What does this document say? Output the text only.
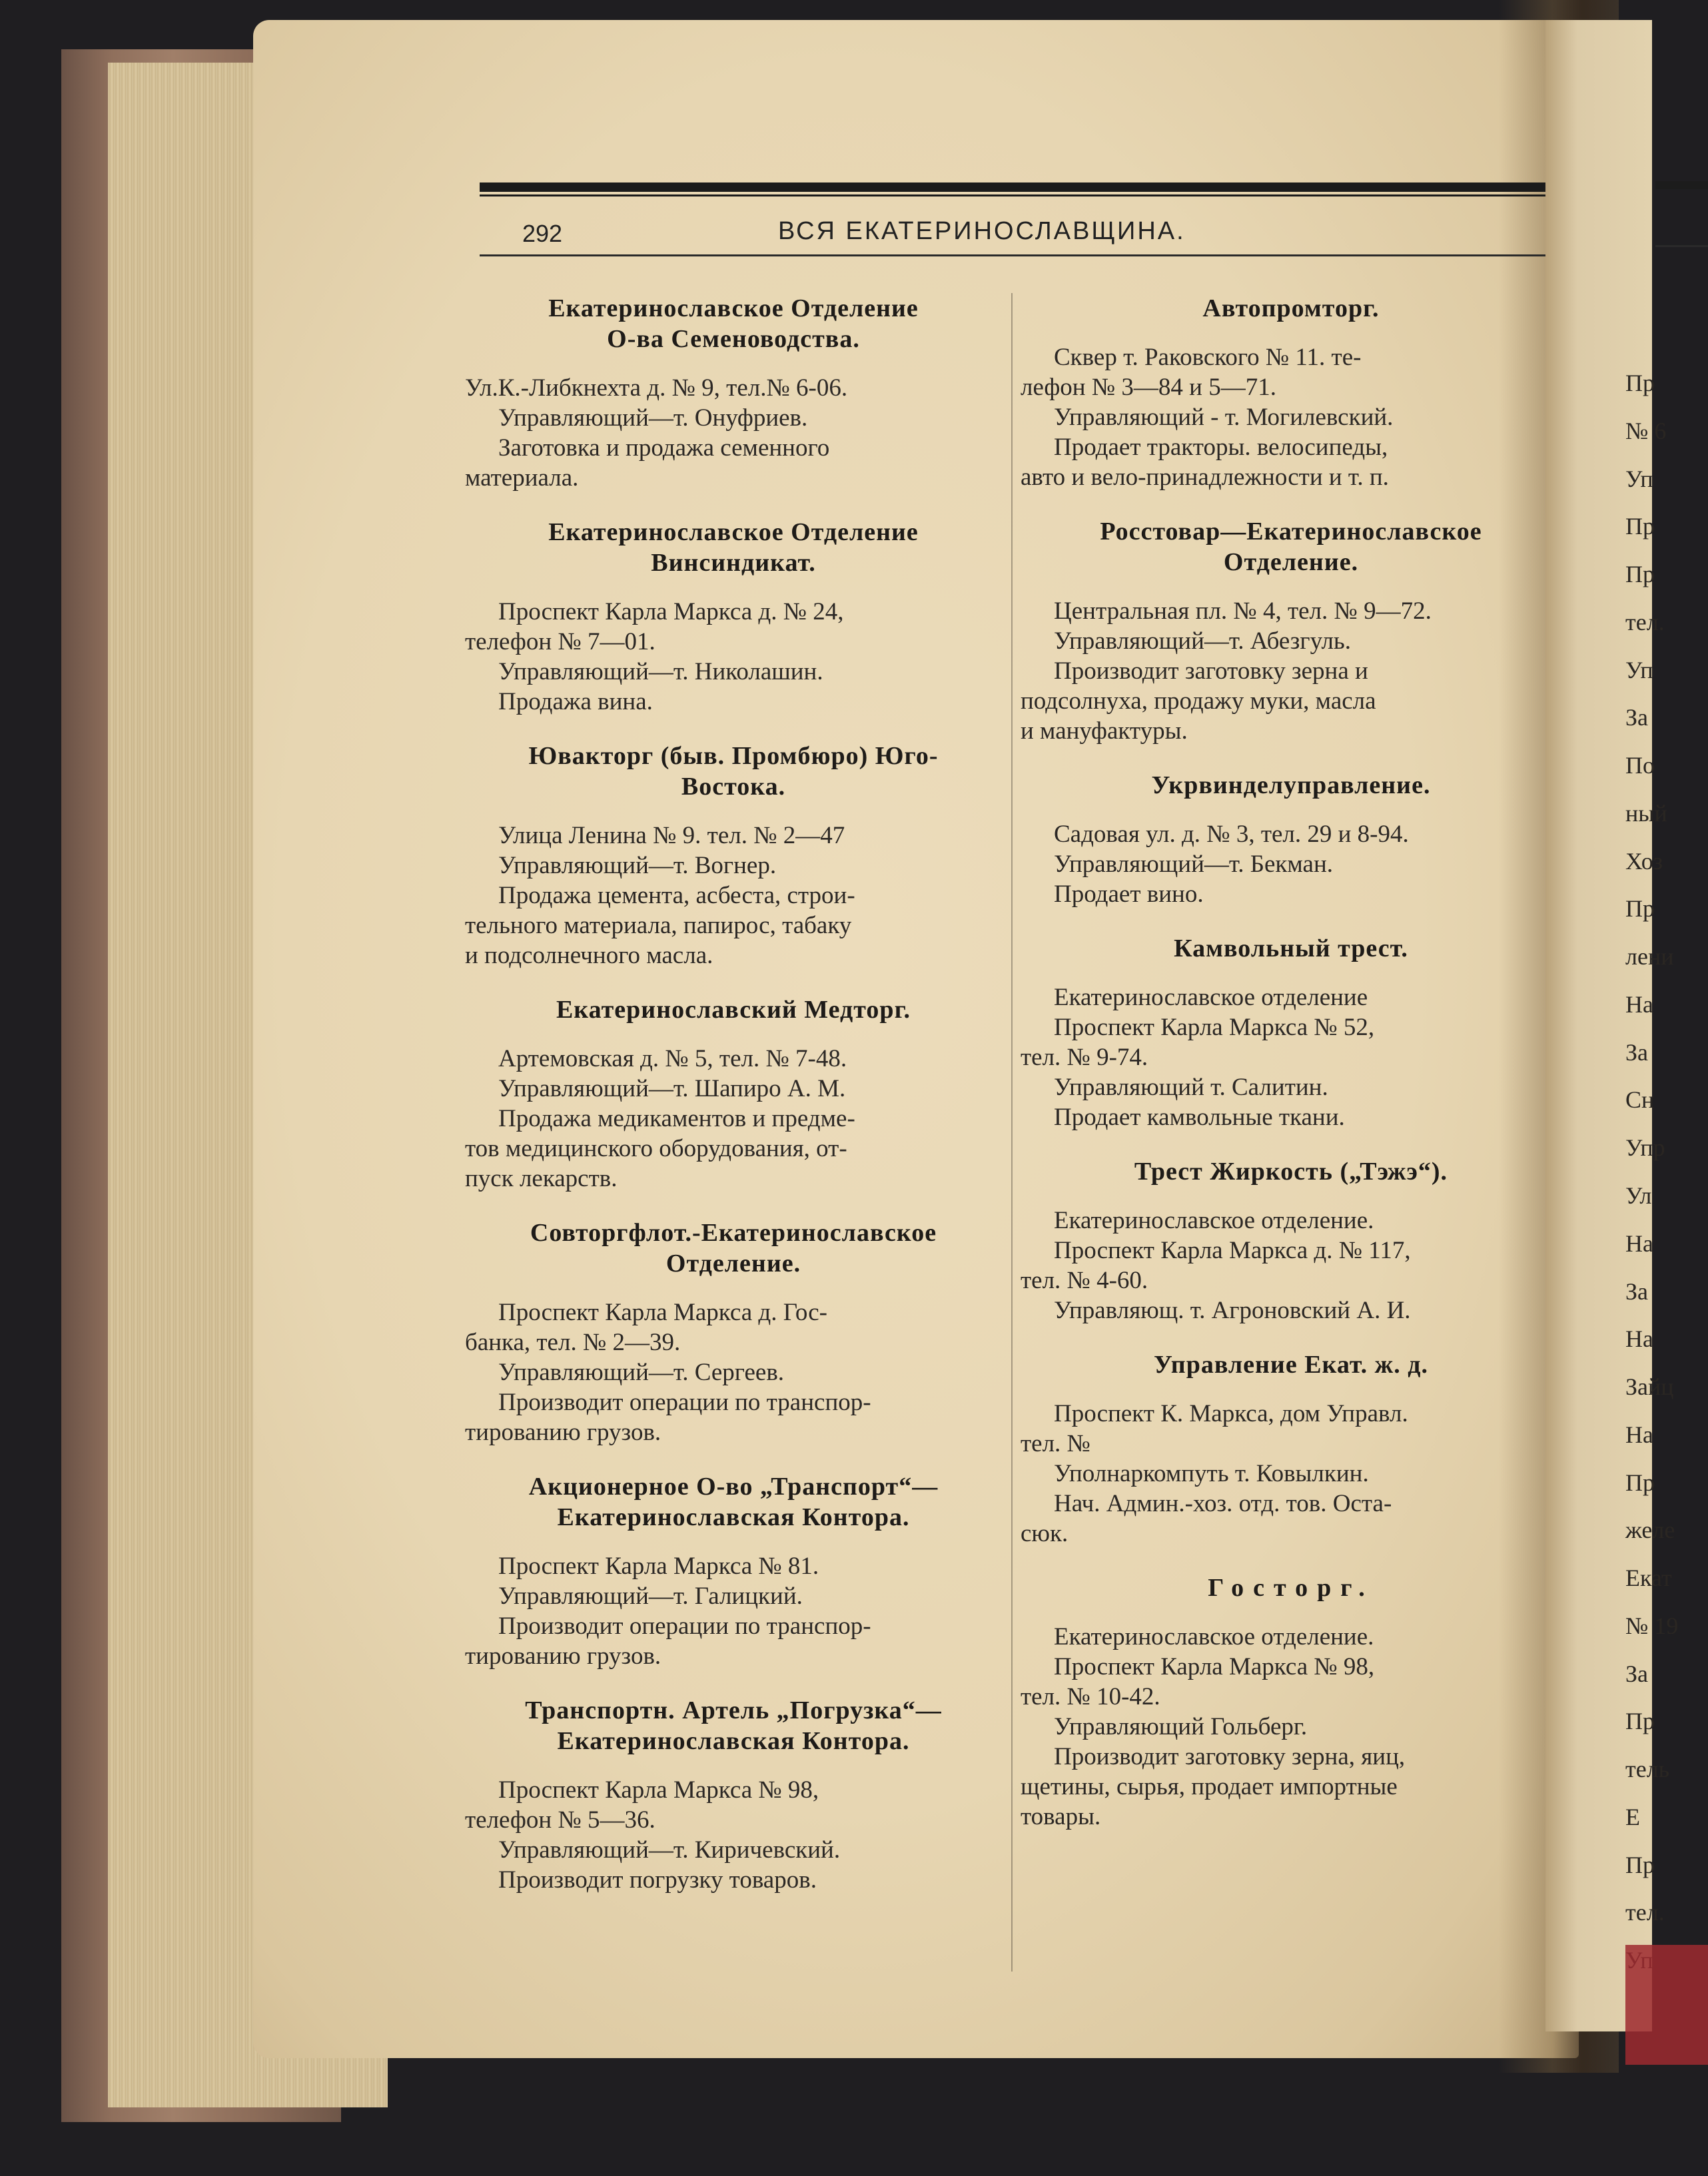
Пр
№ 6
Уп
Пр
Пр
тел.
Уп
За
По
ный
Хоз
Пр
лени
На
За
Сн
Упр
Ул
На
За
На
Зайц
На
Пр
желе
Екат
№ 19
За
Пр
тель
Е
Пр
тел.
292	ВСЯ ЕКАТЕРИНОСЛАВЩИНА.
Екатеринославское Отделение
О-ва Семеноводства.
Ул.К.-Либкнехта д. № 9, тел.№ 6-06.
Управляющий—т. Онуфриев.
Заготовка и продажа семенного
материала.
Екатеринославское Отделение
Винсиндикат.
Проспект Карла Маркса д. № 24,
телефон № 7—01.
Управляющий—т. Николашин.
Продажа вина.
Ювакторг (быв. Промбюро) Юго-
Востока.
Улица Ленина № 9. тел. № 2—47
Управляющий—т. Вогнер.
Продажа цемента, асбеста, строи-
тельного материала, папирос, табаку
и подсолнечного масла.
Екатеринославский Медторг.
Артемовская д. № 5, тел. № 7-48.
Управляющий—т. Шапиро А. М.
Продажа медикаментов и предме-
тов медицинского оборудования, от-
пуск лекарств.
Совторгфлот.-Екатеринославское
Отделение.
Проспект Карла Маркса д. Гос-
банка, тел. № 2—39.
Управляющий—т. Сергеев.
Производит операции по транспор-
тированию грузов.
Акционерное О-во „Транспорт“—
Екатеринославская Контора.
Проспект Карла Маркса № 81.
Управляющий—т. Галицкий.
Производит операции по транспор-
тированию грузов.
Транспортн. Артель „Погрузка“—
Екатеринославская Контора.
Проспект Карла Маркса № 98,
телефон № 5—36.
Управляющий—т. Киричевский.
Производит погрузку товаров.
Автопромторг.
Сквер т. Раковского № 11. те-
лефон № 3—84 и 5—71.
Управляющий - т. Могилевский.
Продает тракторы. велосипеды,
авто и вело-принадлежности и т. п.
Росстовар—Екатеринославское
Отделение.
Центральная пл. № 4, тел. № 9—72.
Управляющий—т. Абезгуль.
Производит заготовку зерна и
подсолнуха, продажу муки, масла
и мануфактуры.
Укрвинделуправление.
Садовая ул. д. № 3, тел. 29 и 8-94.
Управляющий—т. Бекман.
Продает вино.
Камвольный трест.
Екатеринославское отделение
Проспект Карла Маркса № 52,
тел. № 9-74.
Управляющий т. Салитин.
Продает камвольные ткани.
Трест Жиркость („Тэжэ“).
Екатеринославское отделение.
Проспект Карла Маркса д. № 117,
тел. № 4-60.
Управляющ. т. Агроновский А. И.
Управление Екат. ж. д.
Проспект К. Маркса, дом Управл.
тел. №
Уполнаркомпуть т. Ковылкин.
Нач. Админ.-хоз. отд. тов. Оста-
сюк.
Госторг.
Екатеринославское отделение.
Проспект Карла Маркса № 98,
тел. № 10-42.
Управляющий Гольберг.
Производит заготовку зерна, яиц,
щетины, сырья, продает импортные
товары.
